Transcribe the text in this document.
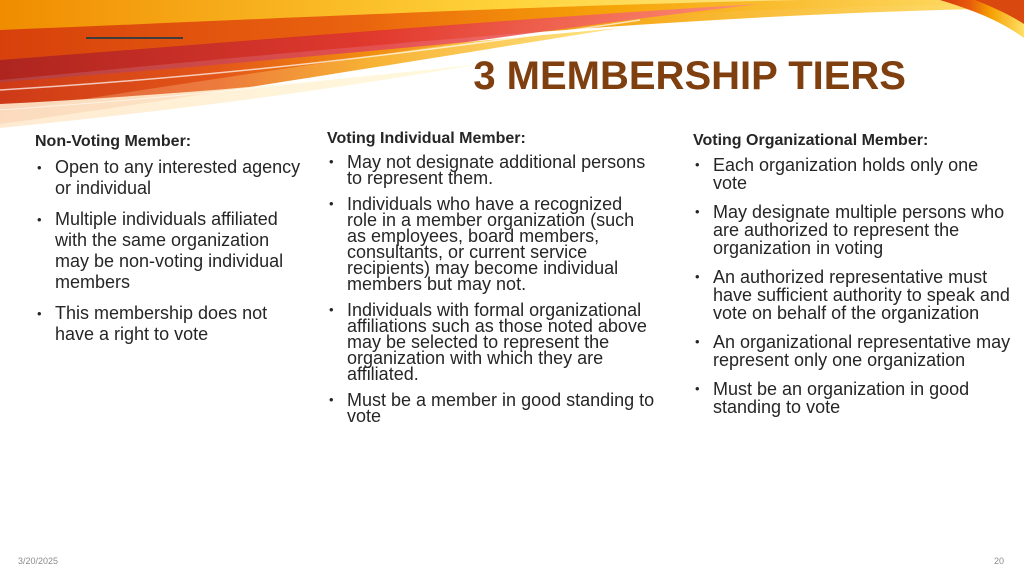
3 MEMBERSHIP TIERS
Non-Voting Member:
• Open to any interested agency or individual
• Multiple individuals affiliated with the same organization may be non-voting individual members
• This membership does not have a right to vote
Voting Individual Member:
• May not designate additional persons to represent them.
• Individuals who have a recognized role in a member organization (such as employees, board members, consultants, or current service recipients) may become individual members but may not.
• Individuals with formal organizational affiliations such as those noted above may be selected to represent the organization with which they are affiliated.
• Must be a member in good standing to vote
Voting Organizational Member:
• Each organization holds only one vote
• May designate multiple persons who are authorized to represent the organization in voting
• An authorized representative must have sufficient authority to speak and vote on behalf of the organization
• An organizational representative may represent only one organization
• Must be an organization in good standing to vote
3/20/2025	20
